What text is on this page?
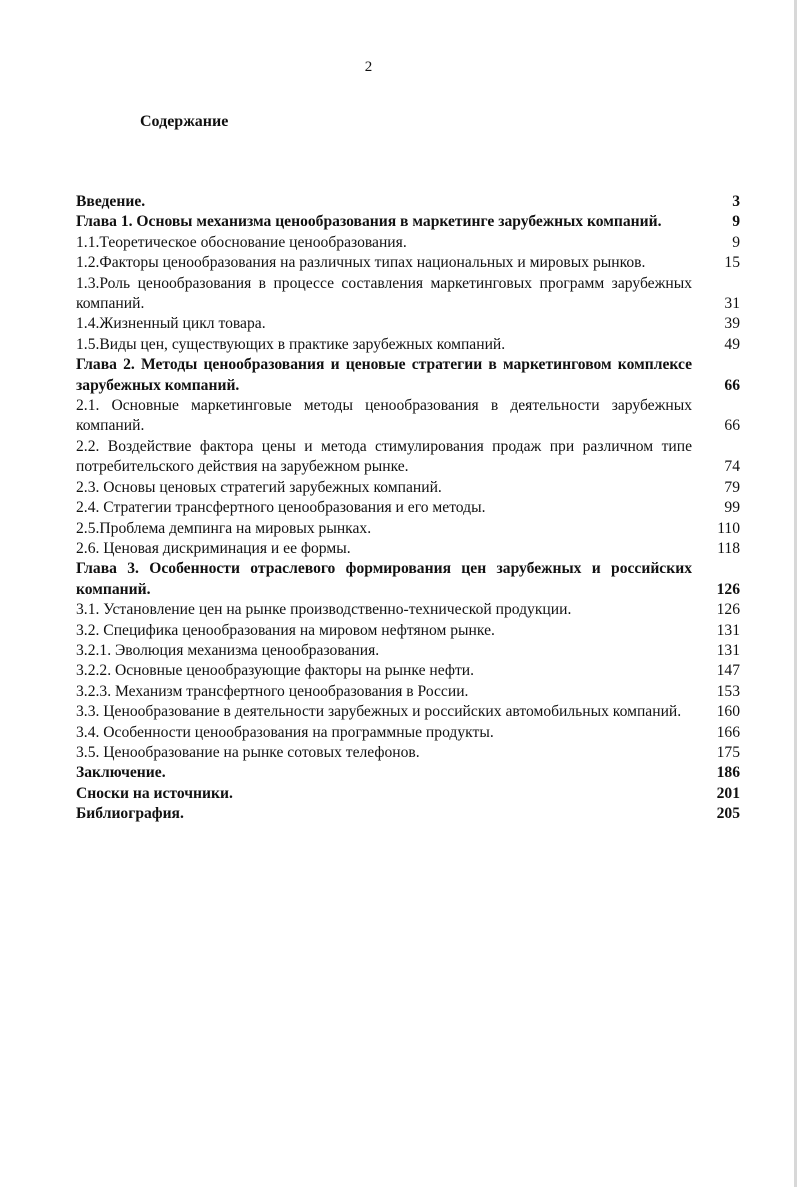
2
Содержание
Введение.	3
Глава 1. Основы механизма ценообразования в маркетинге зарубежных компаний.	9
1.1.Теоретическое обоснование ценообразования.	9
1.2.Факторы ценообразования на различных типах национальных и мировых рынков.	15
1.3.Роль ценообразования в процессе составления маркетинговых программ зарубежных компаний.	31
1.4.Жизненный цикл товара.	39
1.5.Виды цен, существующих в практике зарубежных компаний.	49
Глава 2. Методы ценообразования и ценовые стратегии в маркетинговом комплексе зарубежных компаний.	66
2.1. Основные маркетинговые методы ценообразования в деятельности зарубежных компаний.	66
2.2. Воздействие фактора цены и метода стимулирования продаж при различном типе потребительского действия на зарубежном рынке.	74
2.3. Основы ценовых стратегий зарубежных компаний.	79
2.4. Стратегии трансфертного ценообразования и его методы.	99
2.5.Проблема демпинга на мировых рынках.	110
2.6. Ценовая дискриминация и ее формы.	118
Глава 3. Особенности отраслевого формирования цен зарубежных и российских компаний.	126
3.1. Установление цен на рынке производственно-технической продукции.	126
3.2. Специфика ценообразования на мировом нефтяном рынке.	131
3.2.1. Эволюция механизма ценообразования.	131
3.2.2. Основные ценообразующие факторы на рынке нефти.	147
3.2.3. Механизм трансфертного ценообразования в России.	153
3.3. Ценообразование в деятельности зарубежных и российских автомобильных компаний.	160
3.4. Особенности ценообразования на программные продукты.	166
3.5. Ценообразование на рынке сотовых телефонов.	175
Заключение.	186
Сноски на источники.	201
Библиография.	205
